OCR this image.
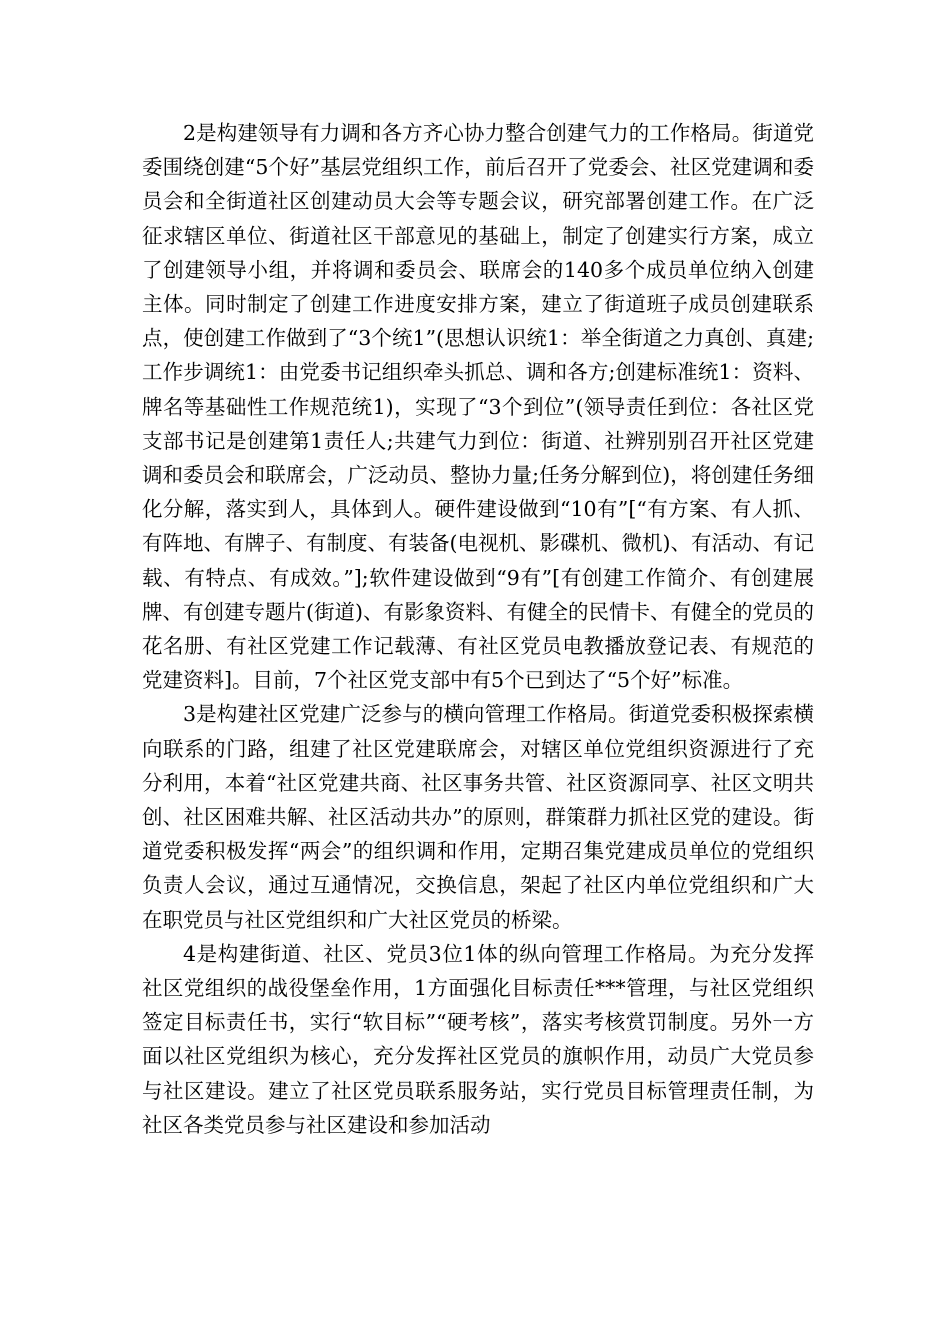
2是构建领导有力调和各方齐心协力整合创建气力的工作格局。街道党委围绕创建“5个好”基层党组织工作，前后召开了党委会、社区党建调和委员会和全街道社区创建动员大会等专题会议，研究部署创建工作。在广泛征求辖区单位、街道社区干部意见的基础上，制定了创建实行方案，成立了创建领导小组，并将调和委员会、联席会的140多个成员单位纳入创建主体。同时制定了创建工作进度安排方案，建立了街道班子成员创建联系点，使创建工作做到了“3个统1”(思想认识统1：举全街道之力真创、真建;工作步调统1：由党委书记组织牵头抓总、调和各方;创建标准统1：资料、牌名等基础性工作规范统1)，实现了“3个到位”(领导责任到位：各社区党支部书记是创建第1责任人;共建气力到位：街道、社辨别别召开社区党建调和委员会和联席会，广泛动员、整协力量;任务分解到位)，将创建任务细化分解，落实到人，具体到人。硬件建设做到“10有”[“有方案、有人抓、有阵地、有牌子、有制度、有装备(电视机、影碟机、微机)、有活动、有记载、有特点、有成效。”];软件建设做到“9有”[有创建工作简介、有创建展牌、有创建专题片(街道)、有影象资料、有健全的民情卡、有健全的党员的花名册、有社区党建工作记载薄、有社区党员电教播放登记表、有规范的党建资料]。目前，7个社区党支部中有5个已到达了“5个好”标准。

3是构建社区党建广泛参与的横向管理工作格局。街道党委积极探索横向联系的门路，组建了社区党建联席会，对辖区单位党组织资源进行了充分利用，本着“社区党建共商、社区事务共管、社区资源同享、社区文明共创、社区困难共解、社区活动共办”的原则，群策群力抓社区党的建设。街道党委积极发挥“两会”的组织调和作用，定期召集党建成员单位的党组织负责人会议，通过互通情况，交换信息，架起了社区内单位党组织和广大在职党员与社区党组织和广大社区党员的桥梁。

4是构建街道、社区、党员3位1体的纵向管理工作格局。为充分发挥社区党组织的战役堡垒作用，1方面强化目标责任***管理，与社区党组织签定目标责任书，实行“软目标”“硬考核”，落实考核赏罚制度。另外一方面以社区党组织为核心，充分发挥社区党员的旗帜作用，动员广大党员参与社区建设。建立了社区党员联系服务站，实行党员目标管理责任制，为社区各类党员参与社区建设和参加活动
